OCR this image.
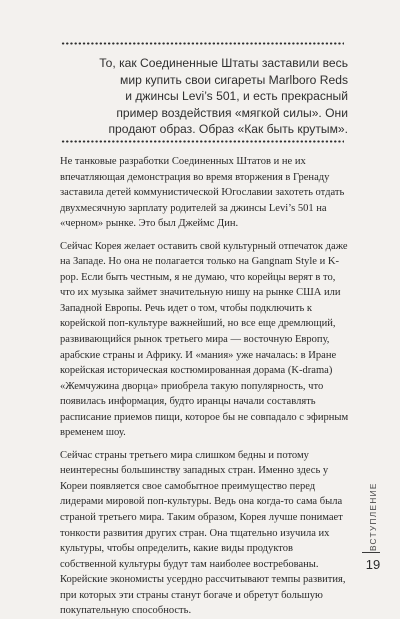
То, как Соединенные Штаты заставили весь
мир купить свои сигареты Marlboro Reds
и джинсы Levi’s 501, и есть прекрасный
пример воздействия «мягкой силы». Они
продают образ. Образ «Как быть крутым».

Не танковые разработки Соединенных Штатов и не их впечатляющая демонстрация во время вторжения в Гренаду заставила детей коммунистической Югославии захотеть отдать двухмесячную зарплату родителей за джинсы Levi’s 501 на «черном» рынке. Это был Джеймс Дин.

Сейчас Корея желает оставить свой культурный отпечаток даже на Западе. Но она не полагается только на Gangnam Style и K-pop. Если быть честным, я не думаю, что корейцы верят в то, что их музыка займет значительную нишу на рынке США или Западной Европы. Речь идет о том, чтобы подключить к корейской поп-культуре важнейший, но все еще дремлющий, развивающийся рынок третьего мира — восточную Европу, арабские страны и Африку. И «мания» уже началась: в Иране корейская историческая костюмированная дорама (K-drama) «Жемчужина дворца» приобрела такую популярность, что появилась информация, будто иранцы начали составлять расписание приемов пищи, которое бы не совпадало с эфирным временем шоу.

Сейчас страны третьего мира слишком бедны и потому неинтересны большинству западных стран. Именно здесь у Кореи появляется свое самобытное преимущество перед лидерами мировой поп-культуры. Ведь она когда-то сама была страной третьего мира. Таким образом, Корея лучше понимает тонкости развития других стран. Она тщательно изучила их культуры, чтобы определить, какие виды продуктов собственной культуры будут там наиболее востребованы. Корейские экономисты усердно рассчитывают темпы развития, при которых эти страны станут богаче и обретут большую покупательную способность.

ВСТУПЛЕНИЕ
19
